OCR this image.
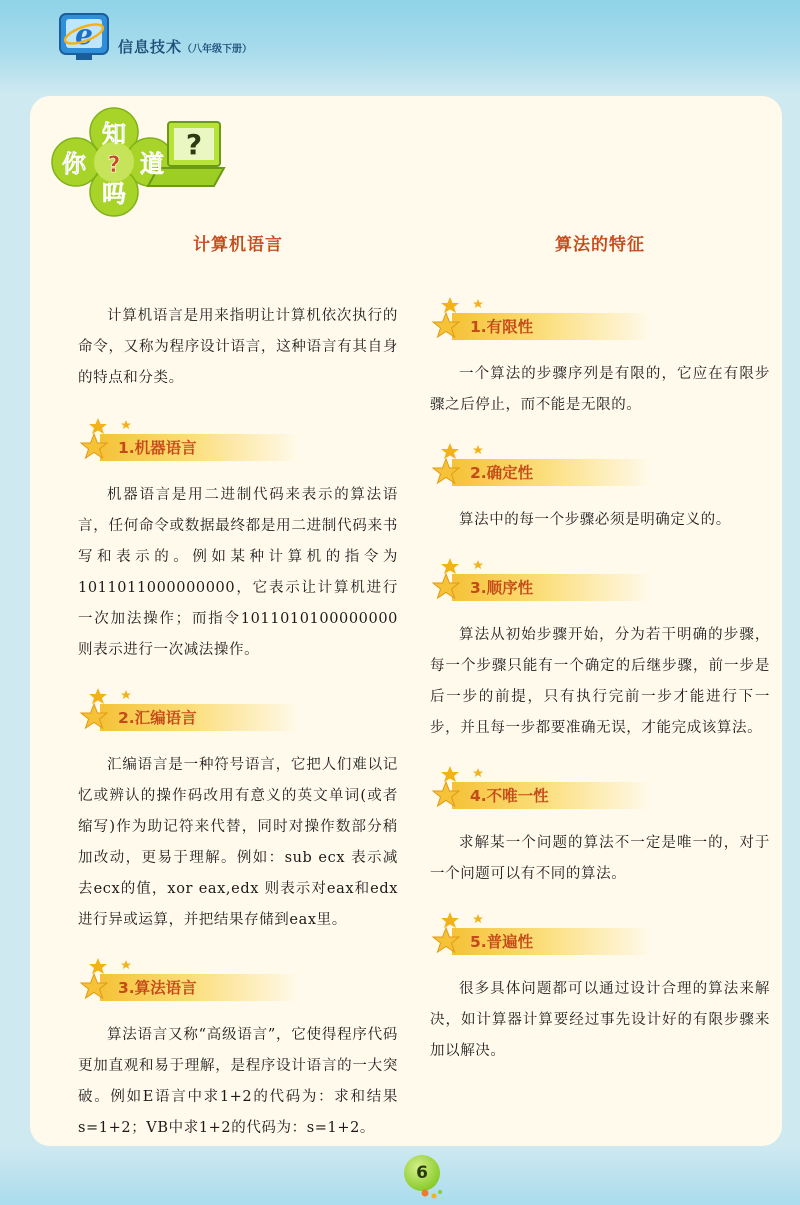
e 信息技术（八年级下册）
?
知
你 ? 道
吗
计算机语言

计算机语言是用来指明让计算机依次执行的命令，又称为程序设计语言，这种语言有其自身的特点和分类。

1.机器语言

机器语言是用二进制代码来表示的算法语言，任何命令或数据最终都是用二进制代码来书写和表示的。例如某种计算机的指令为1011011000000000，它表示让计算机进行一次加法操作；而指令1011010100000000则表示进行一次减法操作。

2.汇编语言

汇编语言是一种符号语言，它把人们难以记忆或辨认的操作码改用有意义的英文单词(或者缩写)作为助记符来代替，同时对操作数部分稍加改动，更易于理解。例如：sub ecx 表示减去ecx的值，xor eax,edx 则表示对eax和edx进行异或运算，并把结果存储到eax里。

3.算法语言

算法语言又称“高级语言”，它使得程序代码更加直观和易于理解，是程序设计语言的一大突破。例如E语言中求1+2的代码为：求和结果 s=1+2；VB中求1+2的代码为：s=1+2。

算法的特征
1.有限性

一个算法的步骤序列是有限的，它应在有限步骤之后停止，而不能是无限的。

2.确定性

算法中的每一个步骤必须是明确定义的。

3.顺序性

算法从初始步骤开始，分为若干明确的步骤，每一个步骤只能有一个确定的后继步骤，前一步是后一步的前提，只有执行完前一步才能进行下一步，并且每一步都要准确无误，才能完成该算法。

4.不唯一性

求解某一个问题的算法不一定是唯一的，对于一个问题可以有不同的算法。

5.普遍性

很多具体问题都可以通过设计合理的算法来解决，如计算器计算要经过事先设计好的有限步骤来加以解决。

6
